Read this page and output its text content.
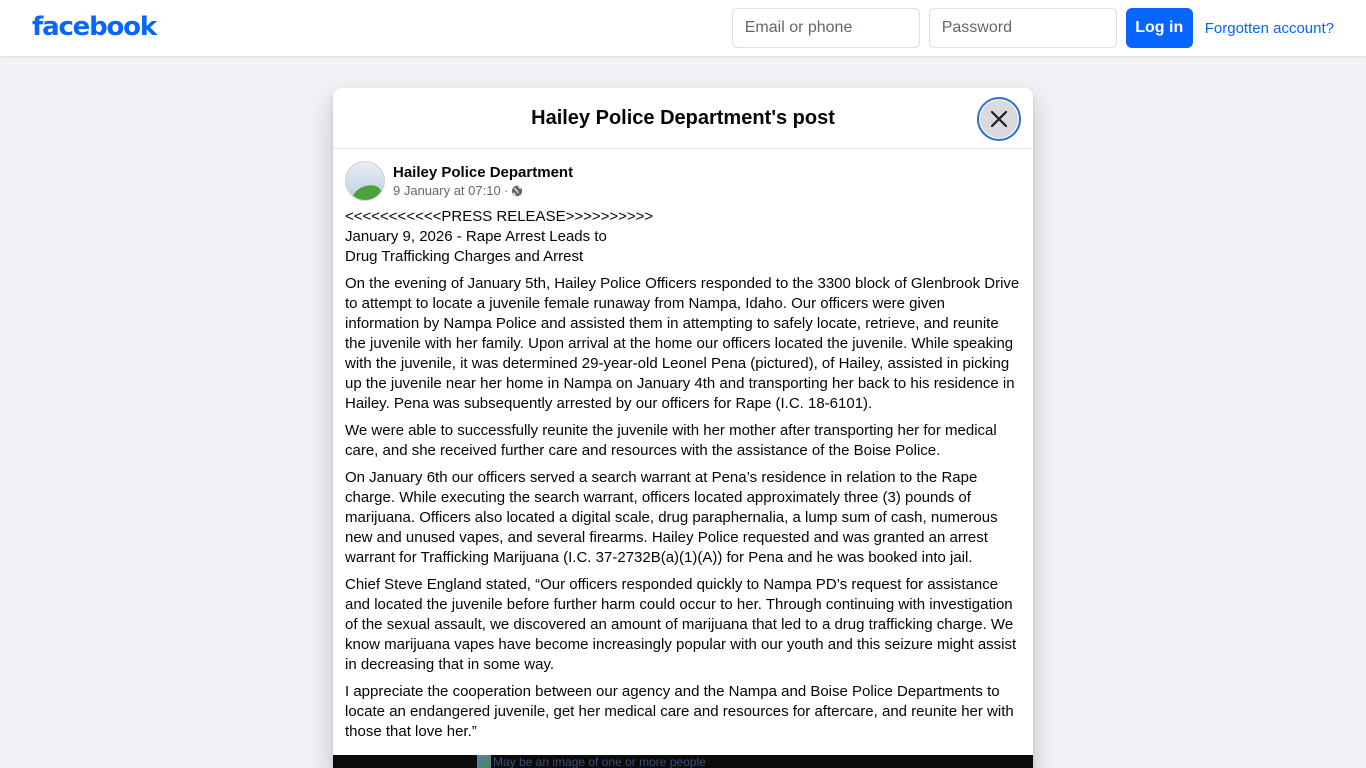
facebook
Email or phone	Log in	Forgotten account?
Hailey Police Department's post
Hailey Police Department
9 January at 07:10 ·

<<<<<<<<<<<PRESS RELEASE>>>>>>>>>>
January 9, 2026 - Rape Arrest Leads to
Drug Trafficking Charges and Arrest

On the evening of January 5th, Hailey Police Officers responded to the 3300 block of Glenbrook Drive to attempt to locate a juvenile female runaway from Nampa, Idaho. Our officers were given information by Nampa Police and assisted them in attempting to safely locate, retrieve, and reunite the juvenile with her family. Upon arrival at the home our officers located the juvenile. While speaking with the juvenile, it was determined 29-year-old Leonel Pena (pictured), of Hailey, assisted in picking up the juvenile near her home in Nampa on January 4th and transporting her back to his residence in Hailey. Pena was subsequently arrested by our officers for Rape (I.C. 18-6101).

We were able to successfully reunite the juvenile with her mother after transporting her for medical care, and she received further care and resources with the assistance of the Boise Police.

On January 6th our officers served a search warrant at Pena’s residence in relation to the Rape charge. While executing the search warrant, officers located approximately three (3) pounds of marijuana. Officers also located a digital scale, drug paraphernalia, a lump sum of cash, numerous new and unused vapes, and several firearms. Hailey Police requested and was granted an arrest warrant for Trafficking Marijuana (I.C. 37-2732B(a)(1)(A)) for Pena and he was booked into jail.

Chief Steve England stated, “Our officers responded quickly to Nampa PD’s request for assistance and located the juvenile before further harm could occur to her. Through continuing with investigation of the sexual assault, we discovered an amount of marijuana that led to a drug trafficking charge. We know marijuana vapes have become increasingly popular with our youth and this seizure might assist in decreasing that in some way.

I appreciate the cooperation between our agency and the Nampa and Boise Police Departments to locate an endangered juvenile, get her medical care and resources for aftercare, and reunite her with those that love her.”

May be an image of one or more people
